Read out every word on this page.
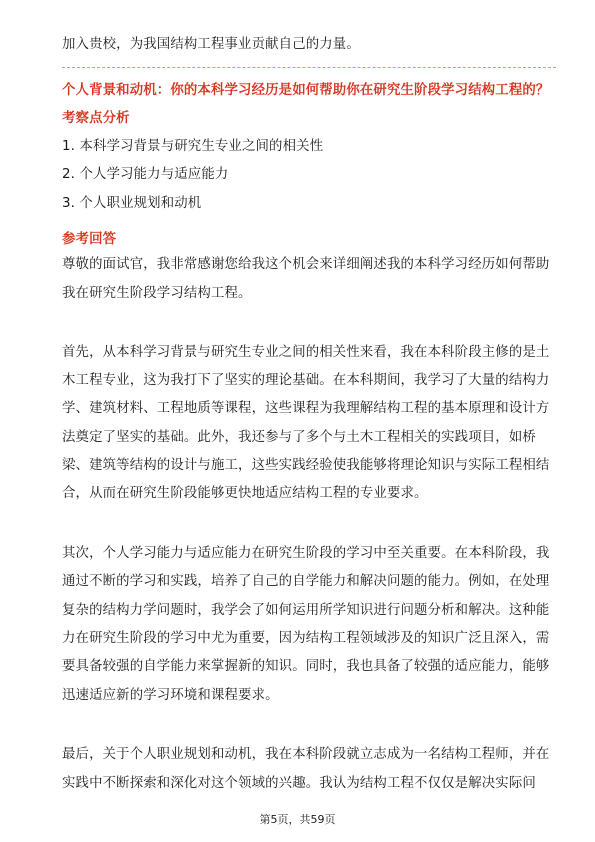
加入贵校，为我国结构工程事业贡献自己的力量。
个人背景和动机：你的本科学习经历是如何帮助你在研究生阶段学习结构工程的？
考察点分析
1. 本科学习背景与研究生专业之间的相关性
2. 个人学习能力与适应能力
3. 个人职业规划和动机
参考回答
尊敬的面试官，我非常感谢您给我这个机会来详细阐述我的本科学习经历如何帮助
我在研究生阶段学习结构工程。
首先，从本科学习背景与研究生专业之间的相关性来看，我在本科阶段主修的是土
木工程专业，这为我打下了坚实的理论基础。在本科期间，我学习了大量的结构力
学、建筑材料、工程地质等课程，这些课程为我理解结构工程的基本原理和设计方
法奠定了坚实的基础。此外，我还参与了多个与土木工程相关的实践项目，如桥
梁、建筑等结构的设计与施工，这些实践经验使我能够将理论知识与实际工程相结
合，从而在研究生阶段能够更快地适应结构工程的专业要求。
其次，个人学习能力与适应能力在研究生阶段的学习中至关重要。在本科阶段，我
通过不断的学习和实践，培养了自己的自学能力和解决问题的能力。例如，在处理
复杂的结构力学问题时，我学会了如何运用所学知识进行问题分析和解决。这种能
力在研究生阶段的学习中尤为重要，因为结构工程领域涉及的知识广泛且深入，需
要具备较强的自学能力来掌握新的知识。同时，我也具备了较强的适应能力，能够
迅速适应新的学习环境和课程要求。
最后，关于个人职业规划和动机，我在本科阶段就立志成为一名结构工程师，并在
实践中不断探索和深化对这个领域的兴趣。我认为结构工程不仅仅是解决实际问
第5页，共59页
